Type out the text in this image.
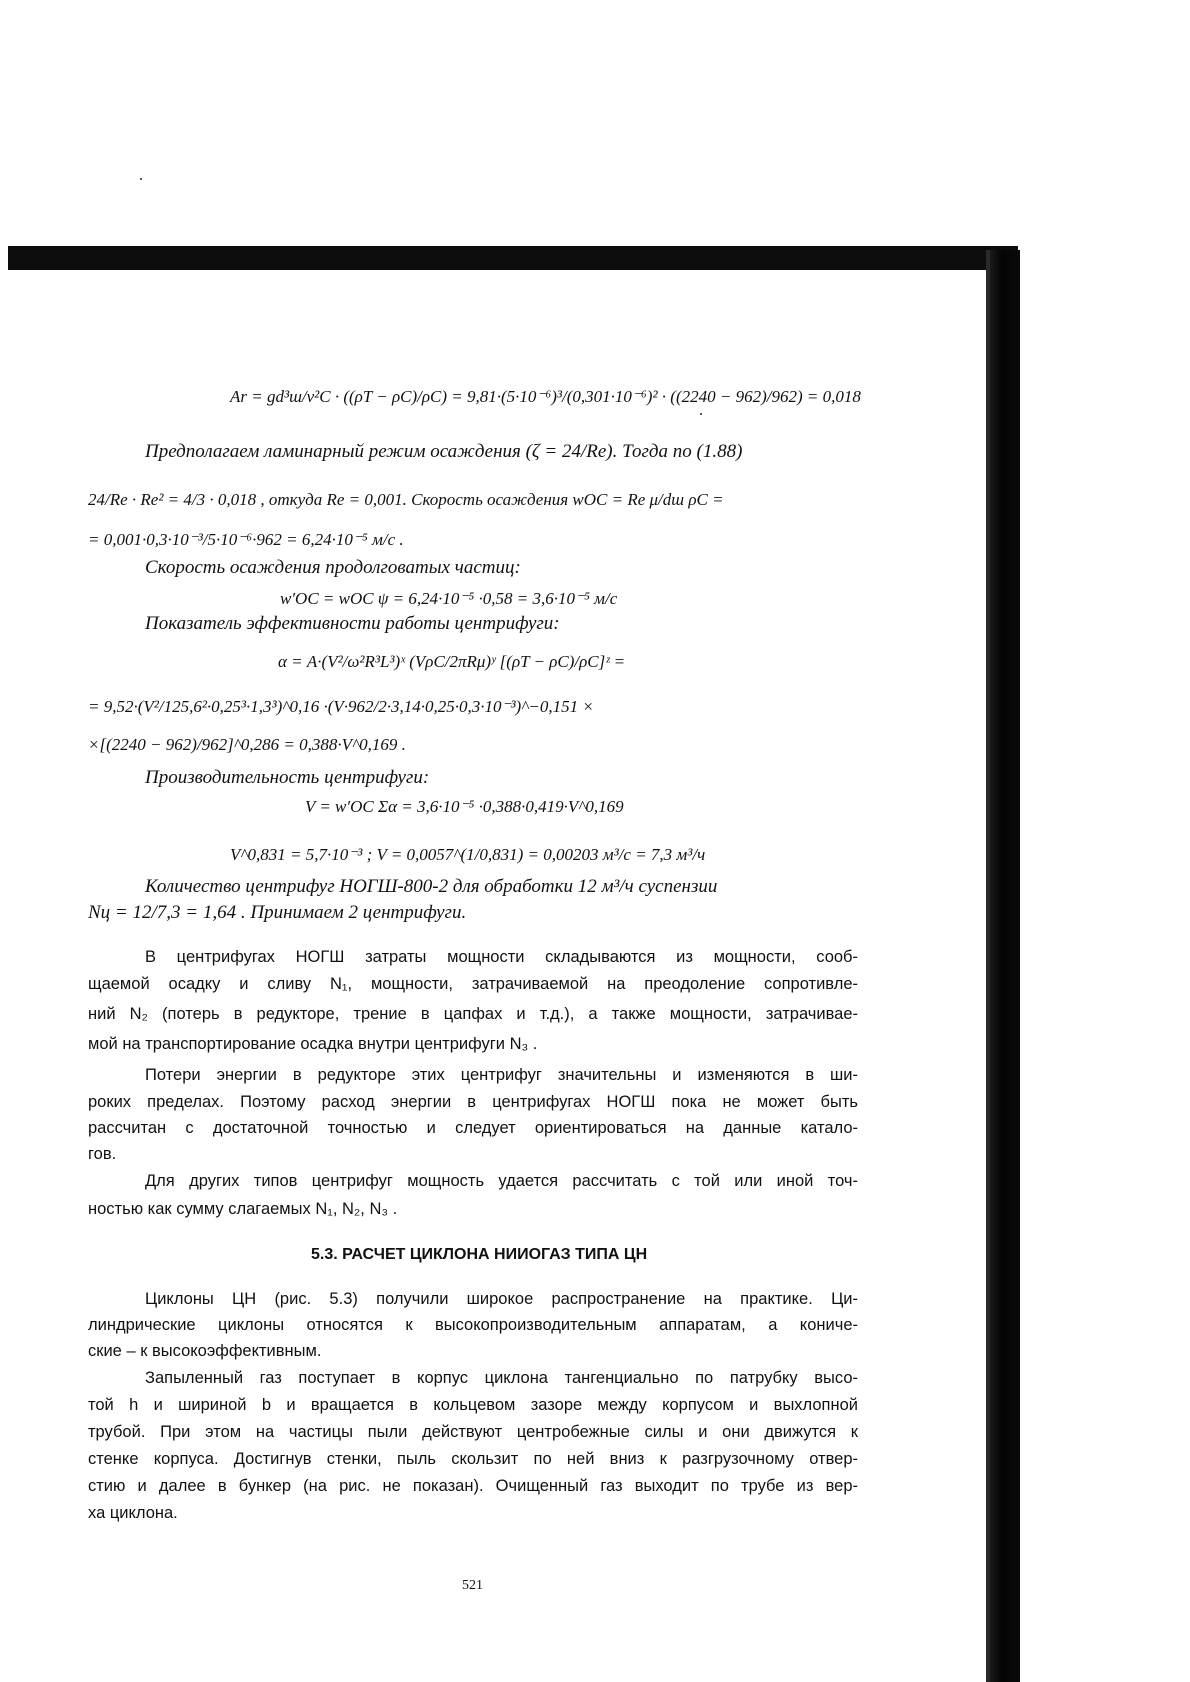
Ar = gd³ш/ν²C · ((ρT − ρC)/ρC) = 9,81·(5·10⁻⁶)³/(0,301·10⁻⁶)² · ((2240 − 962)/962) = 0,018
Предполагаем ламинарный режим осаждения (ζ = 24/Re). Тогда по (1.88)
24/Re · Re² = 4/3 · 0,018 , откуда Re = 0,001. Скорость осаждения wOC = Re μ/dш ρC =
= 0,001·0,3·10⁻³/5·10⁻⁶·962 = 6,24·10⁻⁵ м/с .
Скорость осаждения продолговатых частиц:
w′OC = wOC ψ = 6,24·10⁻⁵ ·0,58 = 3,6·10⁻⁵ м/с
Показатель эффективности работы центрифуги:
α = A·(V²/ω²R³L³)ˣ (VρC/2πRμ)ʸ [(ρT − ρC)/ρC]ᶻ =
= 9,52·(V²/125,6²·0,25³·1,3³)^0,16 ·(V·962/2·3,14·0,25·0,3·10⁻³)^−0,151 ×
×[(2240 − 962)/962]^0,286 = 0,388·V^0,169 .
Производительность центрифуги:
V = w′OC Σα = 3,6·10⁻⁵ ·0,388·0,419·V^0,169
V^0,831 = 5,7·10⁻³ ; V = 0,0057^(1/0,831) = 0,00203 м³/с = 7,3 м³/ч
Количество центрифуг НОГШ-800-2 для обработки 12 м³/ч суспензии
Nц = 12/7,3 = 1,64 . Принимаем 2 центрифуги.
В центрифугах НОГШ затраты мощности складываются из мощности, сооб-
щаемой осадку и сливу N₁, мощности, затрачиваемой на преодоление сопротивле-
ний N₂ (потерь в редукторе, трение в цапфах и т.д.), а также мощности, затрачивае-
мой на транспортирование осадка внутри центрифуги N₃ .
Потери энергии в редукторе этих центрифуг значительны и изменяются в ши-
роких пределах. Поэтому расход энергии в центрифугах НОГШ пока не может быть
рассчитан с достаточной точностью и следует ориентироваться на данные катало-
гов.
Для других типов центрифуг мощность удается рассчитать с той или иной точ-
ностью как сумму слагаемых N₁, N₂, N₃ .
5.3. РАСЧЕТ ЦИКЛОНА НИИОГАЗ ТИПА ЦН
Циклоны ЦН (рис. 5.3) получили широкое распространение на практике. Ци-
линдрические циклоны относятся к высокопроизводительным аппаратам, а кониче-
ские – к высокоэффективным.
Запыленный газ поступает в корпус циклона тангенциально по патрубку высо-
той h и шириной b и вращается в кольцевом зазоре между корпусом и выхлопной
трубой. При этом на частицы пыли действуют центробежные силы и они движутся к
стенке корпуса. Достигнув стенки, пыль скользит по ней вниз к разгрузочному отвер-
стию и далее в бункер (на рис. не показан). Очищенный газ выходит по трубе из вер-
ха циклона.
521
